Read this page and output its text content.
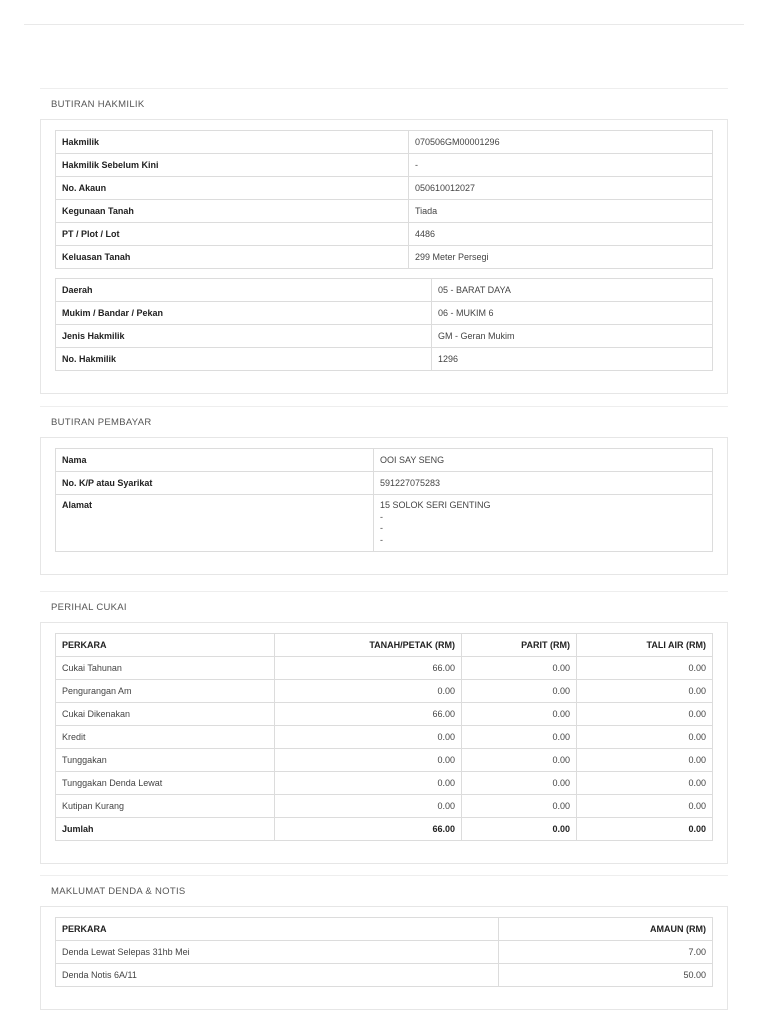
BUTIRAN HAKMILIK
Hakmilik	070506GM00001296
Hakmilik Sebelum Kini	-
No. Akaun	050610012027
Kegunaan Tanah	Tiada
PT / Plot / Lot	4486
Keluasan Tanah	299 Meter Persegi
Daerah	05 - BARAT DAYA
Mukim / Bandar / Pekan	06 - MUKIM 6
Jenis Hakmilik	GM - Geran Mukim
No. Hakmilik	1296
BUTIRAN PEMBAYAR
Nama	OOI SAY SENG
No. K/P atau Syarikat	591227075283
Alamat	15 SOLOK SERI GENTING
-
-
-
PERIHAL CUKAI
PERKARA	TANAH/PETAK (RM)	PARIT (RM)	TALI AIR (RM)
Cukai Tahunan	66.00	0.00	0.00
Pengurangan Am	0.00	0.00	0.00
Cukai Dikenakan	66.00	0.00	0.00
Kredit	0.00	0.00	0.00
Tunggakan	0.00	0.00	0.00
Tunggakan Denda Lewat	0.00	0.00	0.00
Kutipan Kurang	0.00	0.00	0.00
Jumlah	66.00	0.00	0.00
MAKLUMAT DENDA & NOTIS
PERKARA	AMAUN (RM)
Denda Lewat Selepas 31hb Mei	7.00
Denda Notis 6A/11	50.00
